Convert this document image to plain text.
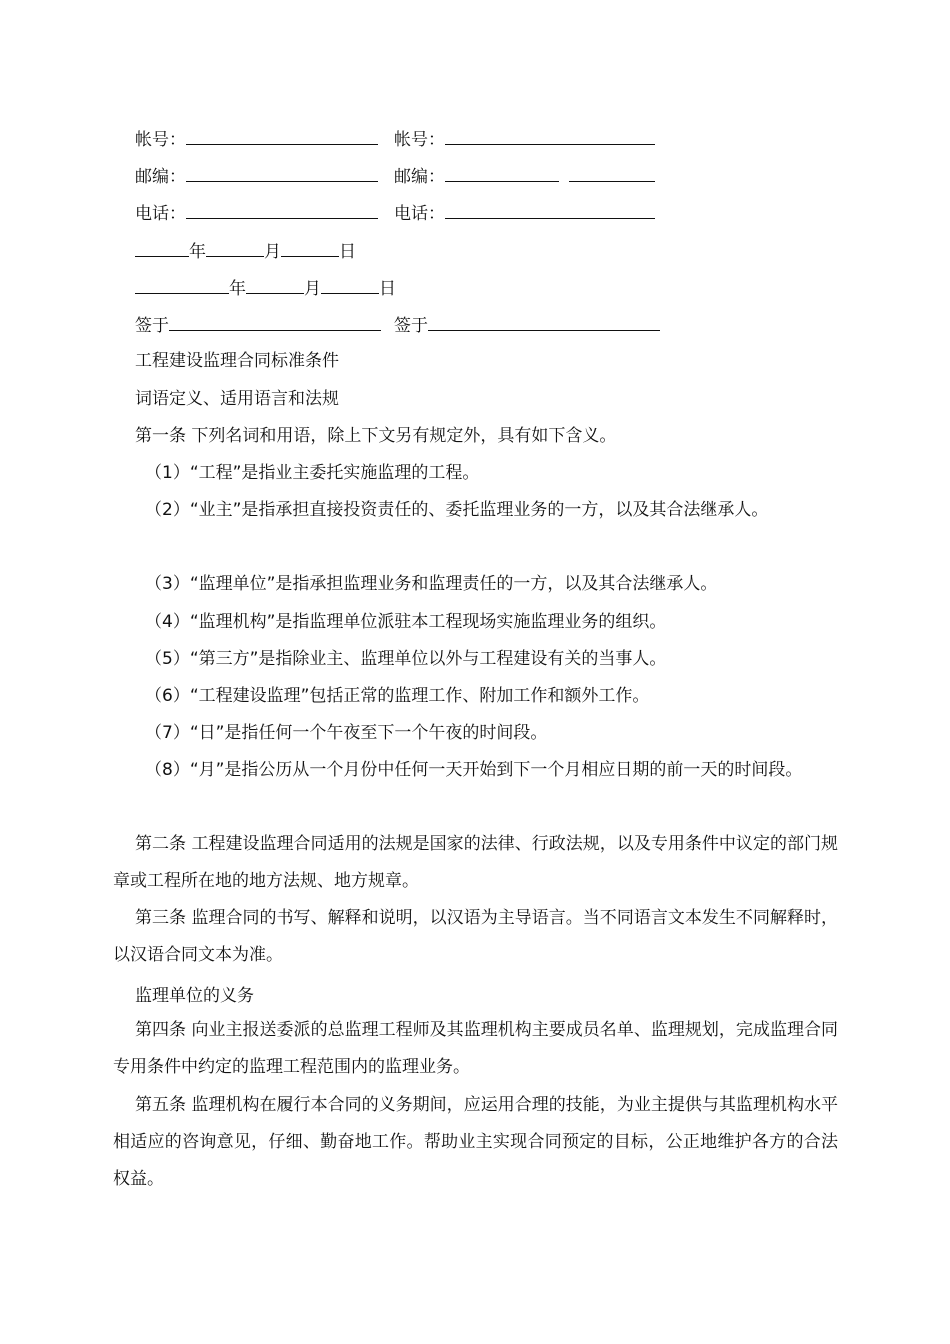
帐号：	帐号：
邮编：	邮编：
电话：	电话：
年	月	日
年	月	日
签于	签于
工程建设监理合同标准条件
词语定义、适用语言和法规
第一条 下列名词和用语，除上下文另有规定外，具有如下含义。
（1）“工程”是指业主委托实施监理的工程。
（2）“业主”是指承担直接投资责任的、委托监理业务的一方，以及其合法继承人。
（3）“监理单位”是指承担监理业务和监理责任的一方，以及其合法继承人。
（4）“监理机构”是指监理单位派驻本工程现场实施监理业务的组织。
（5）“第三方”是指除业主、监理单位以外与工程建设有关的当事人。
（6）“工程建设监理”包括正常的监理工作、附加工作和额外工作。
（7）“日”是指任何一个午夜至下一个午夜的时间段。
（8）“月”是指公历从一个月份中任何一天开始到下一个月相应日期的前一天的时间段。
第二条 工程建设监理合同适用的法规是国家的法律、行政法规，以及专用条件中议定的部门规章或工程所在地的地方法规、地方规章。
第三条 监理合同的书写、解释和说明，以汉语为主导语言。当不同语言文本发生不同解释时，以汉语合同文本为准。
监理单位的义务
第四条 向业主报送委派的总监理工程师及其监理机构主要成员名单、监理规划，完成监理合同专用条件中约定的监理工程范围内的监理业务。
第五条 监理机构在履行本合同的义务期间，应运用合理的技能，为业主提供与其监理机构水平相适应的咨询意见，仔细、勤奋地工作。帮助业主实现合同预定的目标，公正地维护各方的合法权益。
